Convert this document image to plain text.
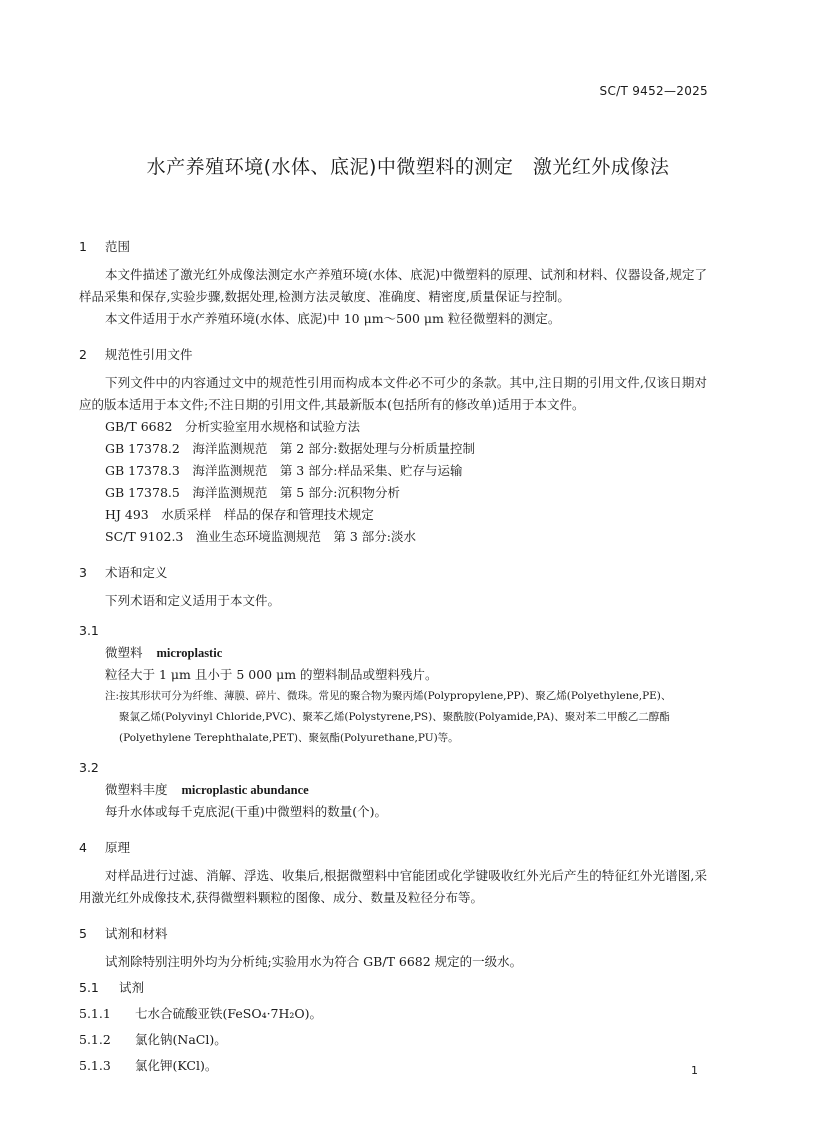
SC/T 9452—2025
水产养殖环境(水体、底泥)中微塑料的测定　激光红外成像法
1 范围

本文件描述了激光红外成像法测定水产养殖环境(水体、底泥)中微塑料的原理、试剂和材料、仪器设备,规定了样品采集和保存,实验步骤,数据处理,检测方法灵敏度、准确度、精密度,质量保证与控制。

本文件适用于水产养殖环境(水体、底泥)中 10 μm～500 μm 粒径微塑料的测定。

2 规范性引用文件

下列文件中的内容通过文中的规范性引用而构成本文件必不可少的条款。其中,注日期的引用文件,仅该日期对应的版本适用于本文件;不注日期的引用文件,其最新版本(包括所有的修改单)适用于本文件。

GB/T 6682　分析实验室用水规格和试验方法

GB 17378.2　海洋监测规范　第 2 部分:数据处理与分析质量控制

GB 17378.3　海洋监测规范　第 3 部分:样品采集、贮存与运输

GB 17378.5　海洋监测规范　第 5 部分:沉积物分析

HJ 493　水质采样　样品的保存和管理技术规定

SC/T 9102.3　渔业生态环境监测规范　第 3 部分:淡水

3 术语和定义

下列术语和定义适用于本文件。

3.1

微塑料 microplastic

粒径大于 1 μm 且小于 5 000 μm 的塑料制品或塑料残片。

注:按其形状可分为纤维、薄膜、碎片、微珠。常见的聚合物为聚丙烯(Polypropylene,PP)、聚乙烯(Polyethylene,PE)、

聚氯乙烯(Polyvinyl Chloride,PVC)、聚苯乙烯(Polystyrene,PS)、聚酰胺(Polyamide,PA)、聚对苯二甲酸乙二醇酯

(Polyethylene Terephthalate,PET)、聚氨酯(Polyurethane,PU)等。

3.2

微塑料丰度 microplastic abundance

每升水体或每千克底泥(干重)中微塑料的数量(个)。

4 原理

对样品进行过滤、消解、浮选、收集后,根据微塑料中官能团或化学键吸收红外光后产生的特征红外光谱图,采用激光红外成像技术,获得微塑料颗粒的图像、成分、数量及粒径分布等。

5 试剂和材料

试剂除特别注明外均为分析纯;实验用水为符合 GB/T 6682 规定的一级水。

5.1 试剂
5.1.1 七水合硫酸亚铁(FeSO₄·7H₂O)。
5.1.2 氯化钠(NaCl)。
5.1.3 氯化钾(KCl)。	1
